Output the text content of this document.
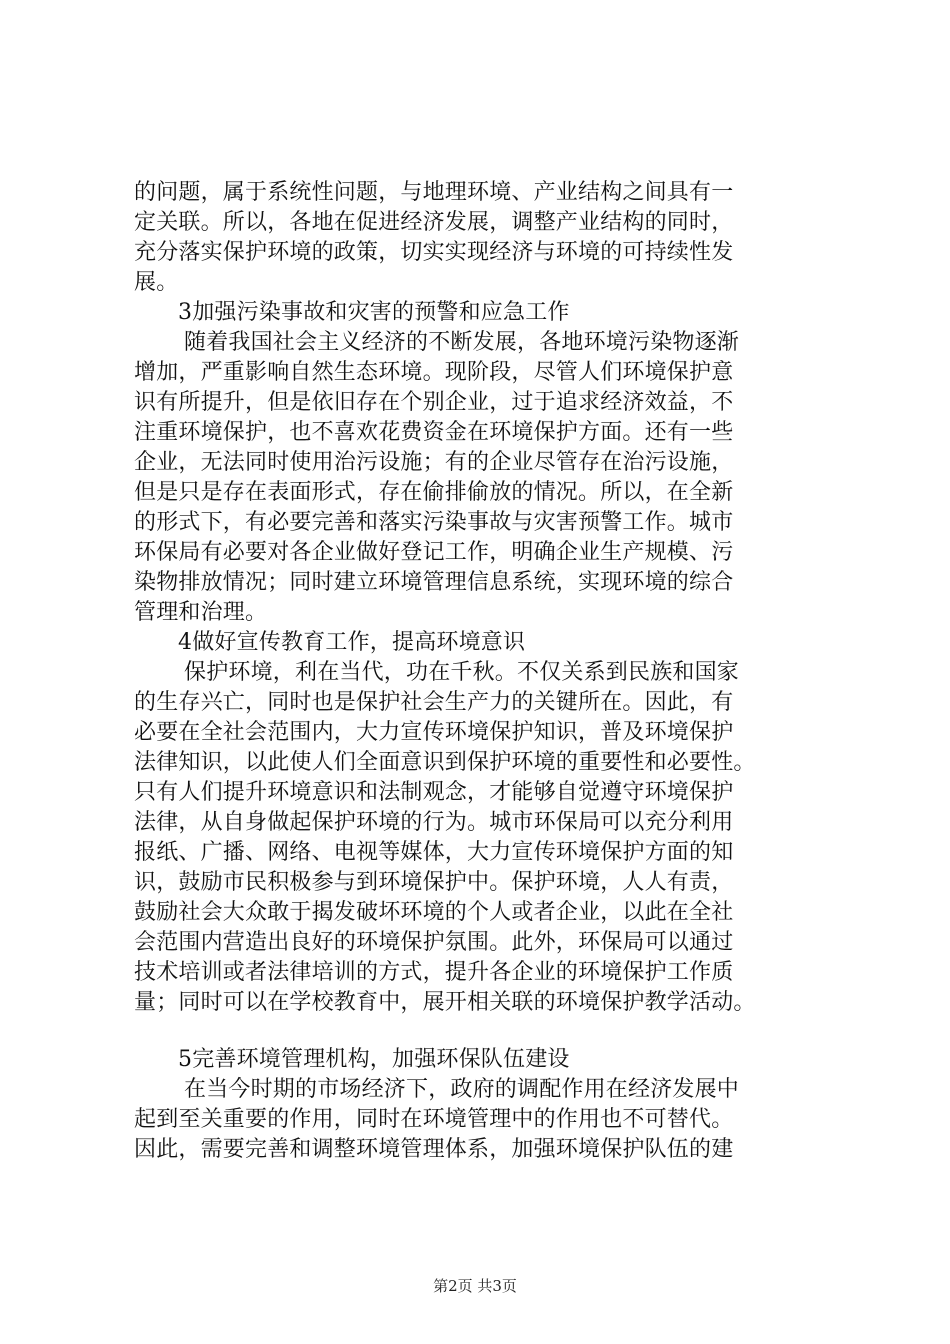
的问题，属于系统性问题，与地理环境、产业结构之间具有一
定关联。所以，各地在促进经济发展，调整产业结构的同时，
充分落实保护环境的政策，切实实现经济与环境的可持续性发
展。
3加强污染事故和灾害的预警和应急工作
随着我国社会主义经济的不断发展，各地环境污染物逐渐
增加，严重影响自然生态环境。现阶段，尽管人们环境保护意
识有所提升，但是依旧存在个别企业，过于追求经济效益，不
注重环境保护，也不喜欢花费资金在环境保护方面。还有一些
企业，无法同时使用治污设施；有的企业尽管存在治污设施，
但是只是存在表面形式，存在偷排偷放的情况。所以，在全新
的形式下，有必要完善和落实污染事故与灾害预警工作。城市
环保局有必要对各企业做好登记工作，明确企业生产规模、污
染物排放情况；同时建立环境管理信息系统，实现环境的综合
管理和治理。
4做好宣传教育工作，提高环境意识
保护环境，利在当代，功在千秋。不仅关系到民族和国家
的生存兴亡，同时也是保护社会生产力的关键所在。因此，有
必要在全社会范围内，大力宣传环境保护知识，普及环境保护
法律知识，以此使人们全面意识到保护环境的重要性和必要性。
只有人们提升环境意识和法制观念，才能够自觉遵守环境保护
法律，从自身做起保护环境的行为。城市环保局可以充分利用
报纸、广播、网络、电视等媒体，大力宣传环境保护方面的知
识，鼓励市民积极参与到环境保护中。保护环境，人人有责，
鼓励社会大众敢于揭发破坏环境的个人或者企业，以此在全社
会范围内营造出良好的环境保护氛围。此外，环保局可以通过
技术培训或者法律培训的方式，提升各企业的环境保护工作质
量；同时可以在学校教育中，展开相关联的环境保护教学活动。
5完善环境管理机构，加强环保队伍建设
在当今时期的市场经济下，政府的调配作用在经济发展中
起到至关重要的作用，同时在环境管理中的作用也不可替代。
因此，需要完善和调整环境管理体系，加强环境保护队伍的建
第2页 共3页
